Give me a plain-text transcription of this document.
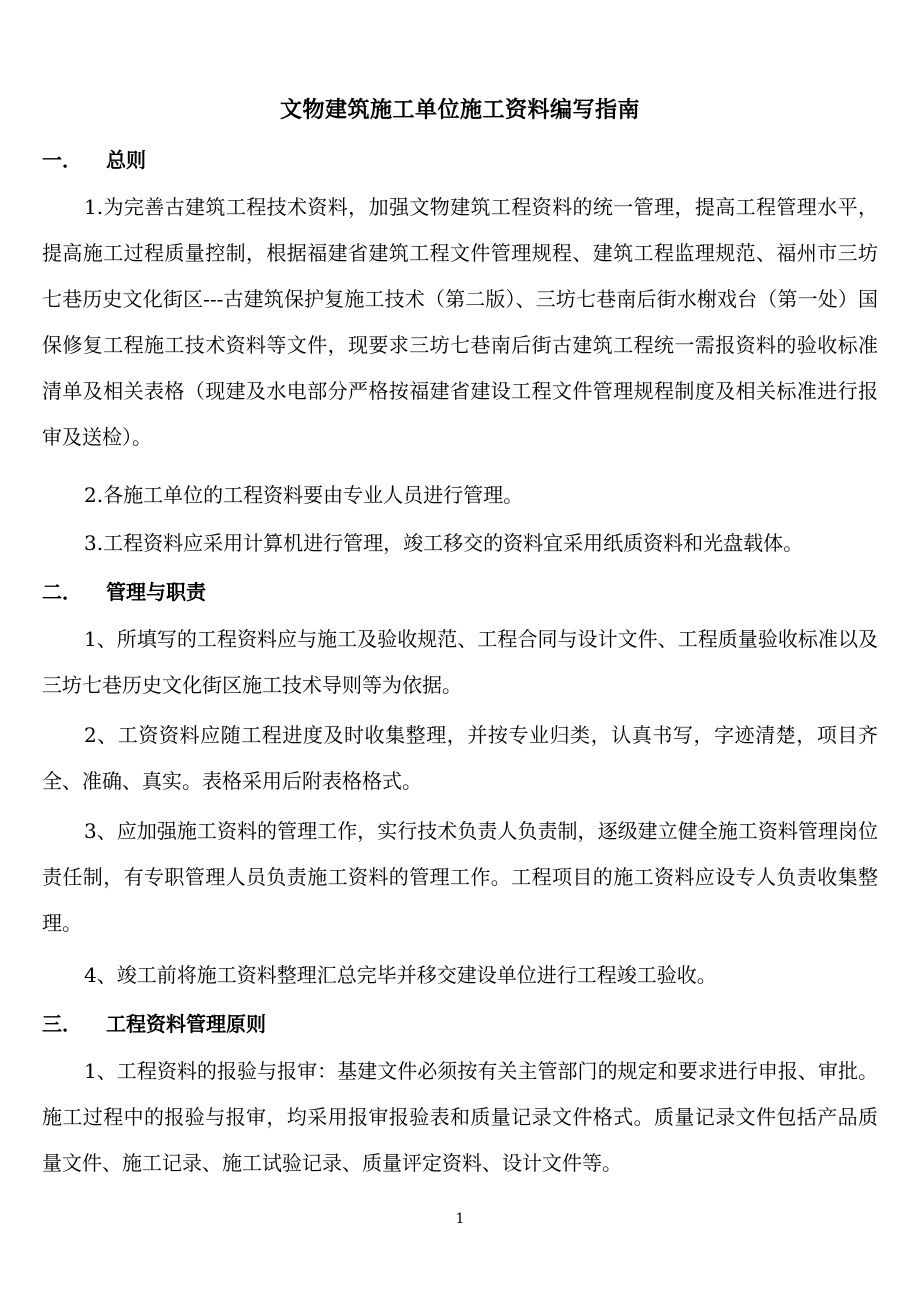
文物建筑施工单位施工资料编写指南
一． 总则
1.为完善古建筑工程技术资料，加强文物建筑工程资料的统一管理，提高工程管理水平，提高施工过程质量控制，根据福建省建筑工程文件管理规程、建筑工程监理规范、福州市三坊七巷历史文化街区---古建筑保护复施工技术（第二版）、三坊七巷南后街水榭戏台（第一处）国保修复工程施工技术资料等文件，现要求三坊七巷南后街古建筑工程统一需报资料的验收标准清单及相关表格（现建及水电部分严格按福建省建设工程文件管理规程制度及相关标准进行报审及送检）。
2.各施工单位的工程资料要由专业人员进行管理。
3.工程资料应采用计算机进行管理，竣工移交的资料宜采用纸质资料和光盘载体。
二． 管理与职责
1、所填写的工程资料应与施工及验收规范、工程合同与设计文件、工程质量验收标准以及三坊七巷历史文化街区施工技术导则等为依据。
2、工资资料应随工程进度及时收集整理，并按专业归类，认真书写，字迹清楚，项目齐全、准确、真实。表格采用后附表格格式。
3、应加强施工资料的管理工作，实行技术负责人负责制，逐级建立健全施工资料管理岗位责任制，有专职管理人员负责施工资料的管理工作。工程项目的施工资料应设专人负责收集整理。
4、竣工前将施工资料整理汇总完毕并移交建设单位进行工程竣工验收。
三． 工程资料管理原则
1、工程资料的报验与报审：基建文件必须按有关主管部门的规定和要求进行申报、审批。施工过程中的报验与报审，均采用报审报验表和质量记录文件格式。质量记录文件包括产品质量文件、施工记录、施工试验记录、质量评定资料、设计文件等。
1
